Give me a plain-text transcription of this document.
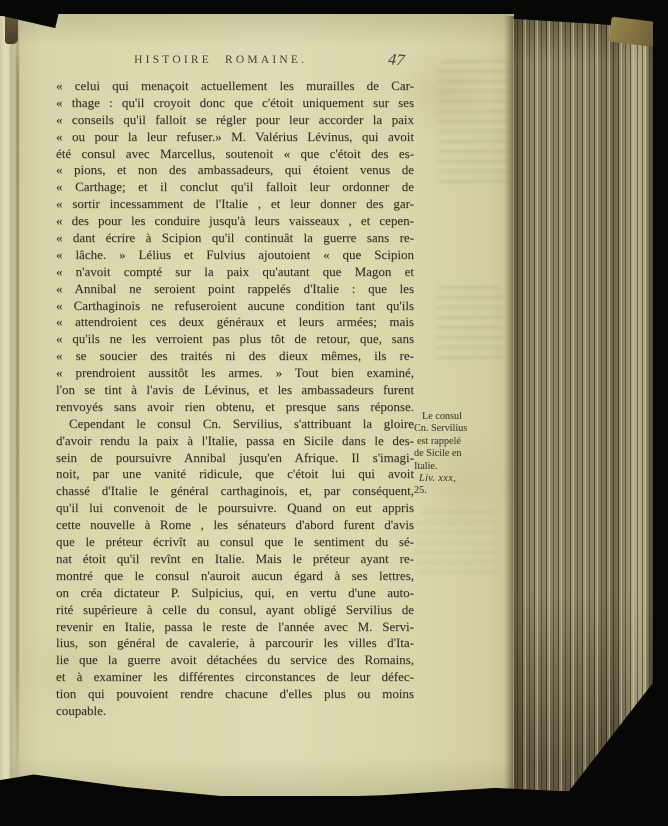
HISTOIRE ROMAINE.	47
« celui qui menaçoit actuellement les murailles de Car-
« thage : qu'il croyoit donc que c'étoit uniquement sur ses
« conseils qu'il falloit se régler pour leur accorder la paix
« ou pour la leur refuser.» M. Valérius Lévinus, qui avoit
été consul avec Marcellus, soutenoit « que c'étoit des es-
« pions, et non des ambassadeurs, qui étoient venus de
« Carthage; et il conclut qu'il falloit leur ordonner de
« sortir incessamment de l'Italie , et leur donner des gar-
« des pour les conduire jusqu'à leurs vaisseaux , et cepen-
« dant écrire à Scipion qu'il continuât la guerre sans re-
« lâche. » Lélius et Fulvius ajoutoient « que Scipion
« n'avoit compté sur la paix qu'autant que Magon et
« Annibal ne seroient point rappelés d'Italie : que les
« Carthaginois ne refuseroient aucune condition tant qu'ils
« attendroient ces deux généraux et leurs armées; mais
« qu'ils ne les verroient pas plus tôt de retour, que, sans
« se soucier des traités ni des dieux mêmes, ils re-
« prendroient aussitôt les armes. » Tout bien examiné,
l'on se tint à l'avis de Lévinus, et les ambassadeurs furent
renvoyés sans avoir rien obtenu, et presque sans réponse.
Cependant le consul Cn. Servilius, s'attribuant la gloire
d'avoir rendu la paix à l'Italie, passa en Sicile dans le des-
sein de poursuivre Annibal jusqu'en Afrique. Il s'imagi-
noit, par une vanité ridicule, que c'étoit lui qui avoit
chassé d'Italie le général carthaginois, et, par conséquent,
qu'il lui convenoit de le poursuivre. Quand on eut appris
cette nouvelle à Rome , les sénateurs d'abord furent d'avis
que le préteur écrivît au consul que le sentiment du sé-
nat étoit qu'il revînt en Italie. Mais le préteur ayant re-
montré que le consul n'auroit aucun égard à ses lettres,
on créa dictateur P. Sulpicius, qui, en vertu d'une auto-
rité supérieure à celle du consul, ayant obligé Servilius de
revenir en Italie, passa le reste de l'année avec M. Servi-
lius, son général de cavalerie, à parcourir les villes d'Ita-
lie que la guerre avoit détachées du service des Romains,
et à examiner les différentes circonstances de leur défec-
tion qui pouvoient rendre chacune d'elles plus ou moins
coupable.
Le consul
Cn. Servilius
est rappelé
de Sicile en
Italie.
Liv. xxx,
25.
